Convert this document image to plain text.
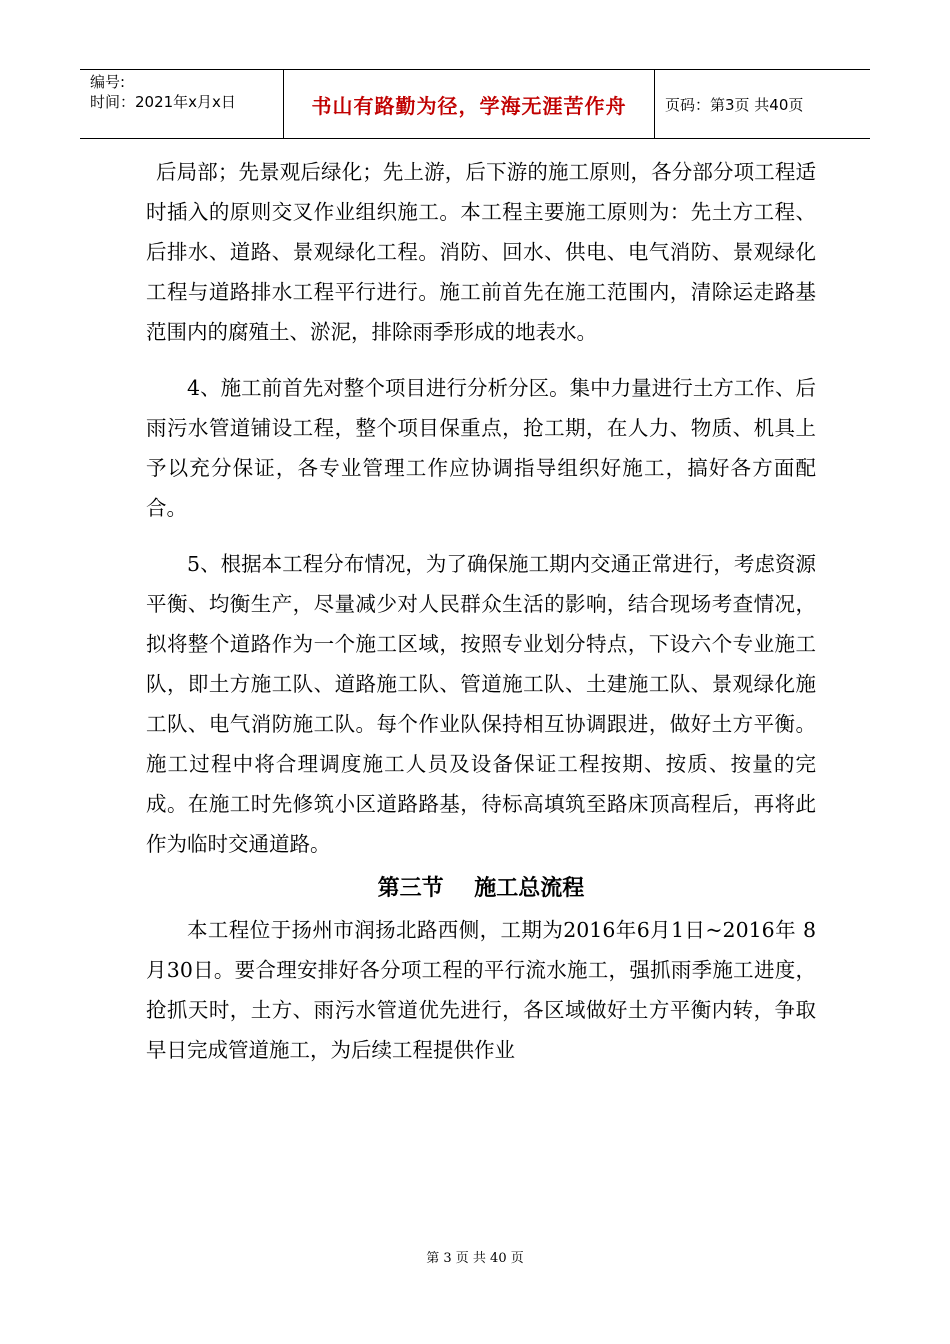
编号:
时间：2021年x月x日	书山有路勤为径，学海无涯苦作舟	页码：第3页 共40页

后局部；先景观后绿化；先上游，后下游的施工原则，各分部分项工程适时插入的原则交叉作业组织施工。本工程主要施工原则为：先土方工程、后排水、道路、景观绿化工程。消防、回水、供电、电气消防、景观绿化工程与道路排水工程平行进行。施工前首先在施工范围内，清除运走路基范围内的腐殖土、淤泥，排除雨季形成的地表水。

4、施工前首先对整个项目进行分析分区。集中力量进行土方工作、后雨污水管道铺设工程，整个项目保重点，抢工期，在人力、物质、机具上予以充分保证，各专业管理工作应协调指导组织好施工，搞好各方面配合。

5、根据本工程分布情况，为了确保施工期内交通正常进行，考虑资源平衡、均衡生产，尽量减少对人民群众生活的影响，结合现场考查情况，拟将整个道路作为一个施工区域，按照专业划分特点，下设六个专业施工队，即土方施工队、道路施工队、管道施工队、土建施工队、景观绿化施工队、电气消防施工队。每个作业队保持相互协调跟进，做好土方平衡。施工过程中将合理调度施工人员及设备保证工程按期、按质、按量的完成。在施工时先修筑小区道路路基，待标高填筑至路床顶高程后，再将此作为临时交通道路。

第三节    施工总流程

本工程位于扬州市润扬北路西侧，工期为2016年6月1日~2016年 8月30日。要合理安排好各分项工程的平行流水施工，强抓雨季施工进度，抢抓天时，土方、雨污水管道优先进行，各区域做好土方平衡内转，争取早日完成管道施工，为后续工程提供作业

第 3 页 共 40 页
